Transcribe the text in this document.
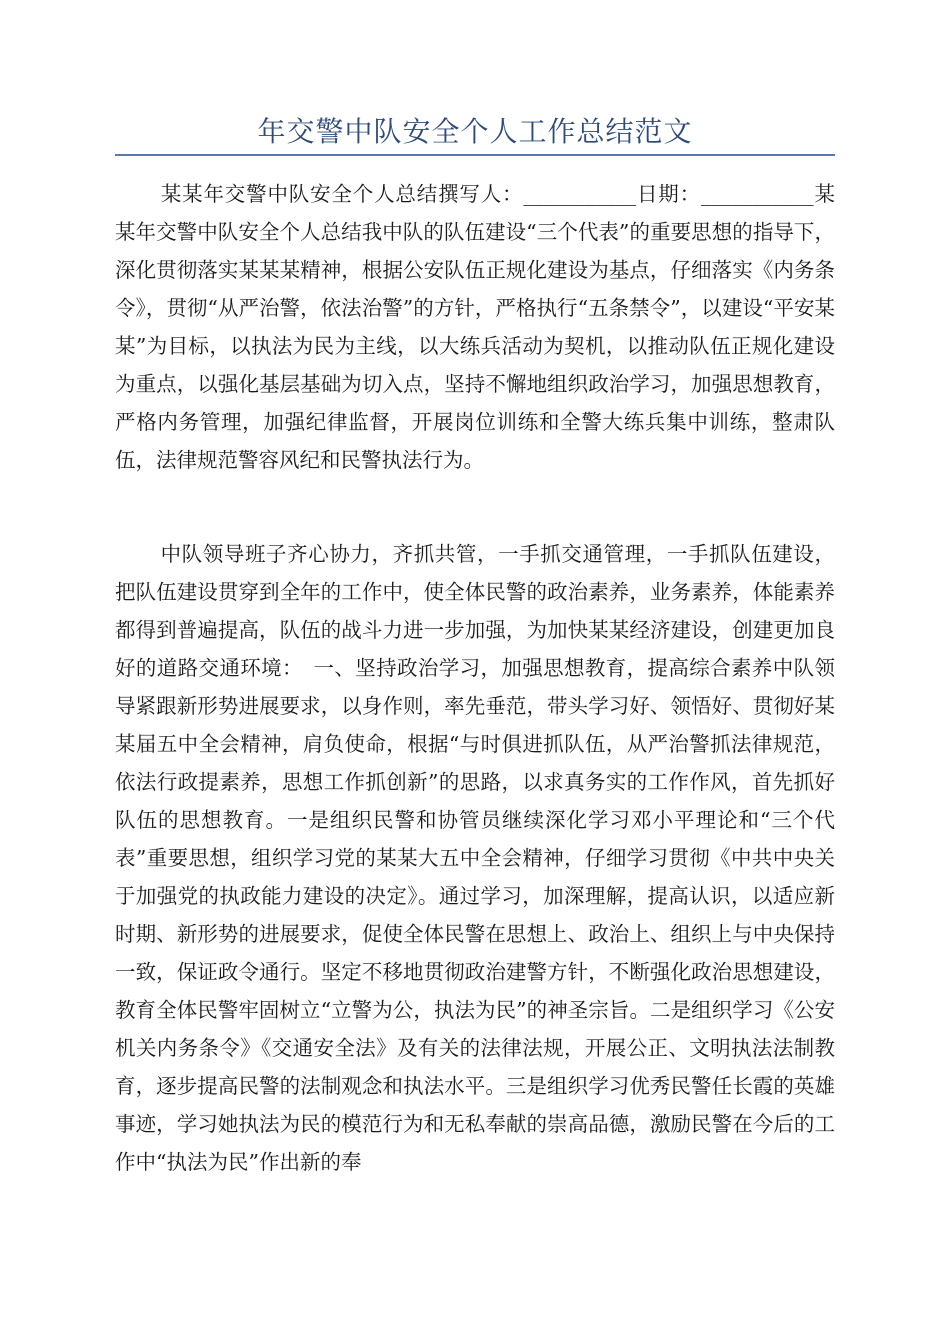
年交警中队安全个人工作总结范文

某某年交警中队安全个人总结撰写人：___________日期：___________某某年交警中队安全个人总结我中队的队伍建设“三个代表”的重要思想的指导下，深化贯彻落实某某某精神，根据公安队伍正规化建设为基点，仔细落实《内务条令》，贯彻“从严治警，依法治警”的方针，严格执行“五条禁令”，以建设“平安某某”为目标，以执法为民为主线，以大练兵活动为契机，以推动队伍正规化建设为重点，以强化基层基础为切入点，坚持不懈地组织政治学习，加强思想教育，严格内务管理，加强纪律监督，开展岗位训练和全警大练兵集中训练，整肃队伍，法律规范警容风纪和民警执法行为。

中队领导班子齐心协力，齐抓共管，一手抓交通管理，一手抓队伍建设，把队伍建设贯穿到全年的工作中，使全体民警的政治素养，业务素养，体能素养都得到普遍提高，队伍的战斗力进一步加强，为加快某某经济建设，创建更加良好的道路交通环境：　一、坚持政治学习，加强思想教育，提高综合素养中队领导紧跟新形势进展要求，以身作则，率先垂范，带头学习好、领悟好、贯彻好某某届五中全会精神，肩负使命，根据“与时俱进抓队伍，从严治警抓法律规范，依法行政提素养，思想工作抓创新”的思路，以求真务实的工作作风，首先抓好队伍的思想教育。一是组织民警和协管员继续深化学习邓小平理论和“三个代表”重要思想，组织学习党的某某大五中全会精神，仔细学习贯彻《中共中央关于加强党的执政能力建设的决定》。通过学习，加深理解，提高认识，以适应新时期、新形势的进展要求，促使全体民警在思想上、政治上、组织上与中央保持一致，保证政令通行。坚定不移地贯彻政治建警方针，不断强化政治思想建设，教育全体民警牢固树立“立警为公，执法为民”的神圣宗旨。二是组织学习《公安机关内务条令》《交通安全法》及有关的法律法规，开展公正、文明执法法制教育，逐步提高民警的法制观念和执法水平。三是组织学习优秀民警任长霞的英雄事迹，学习她执法为民的模范行为和无私奉献的崇高品德，激励民警在今后的工作中“执法为民”作出新的奉
